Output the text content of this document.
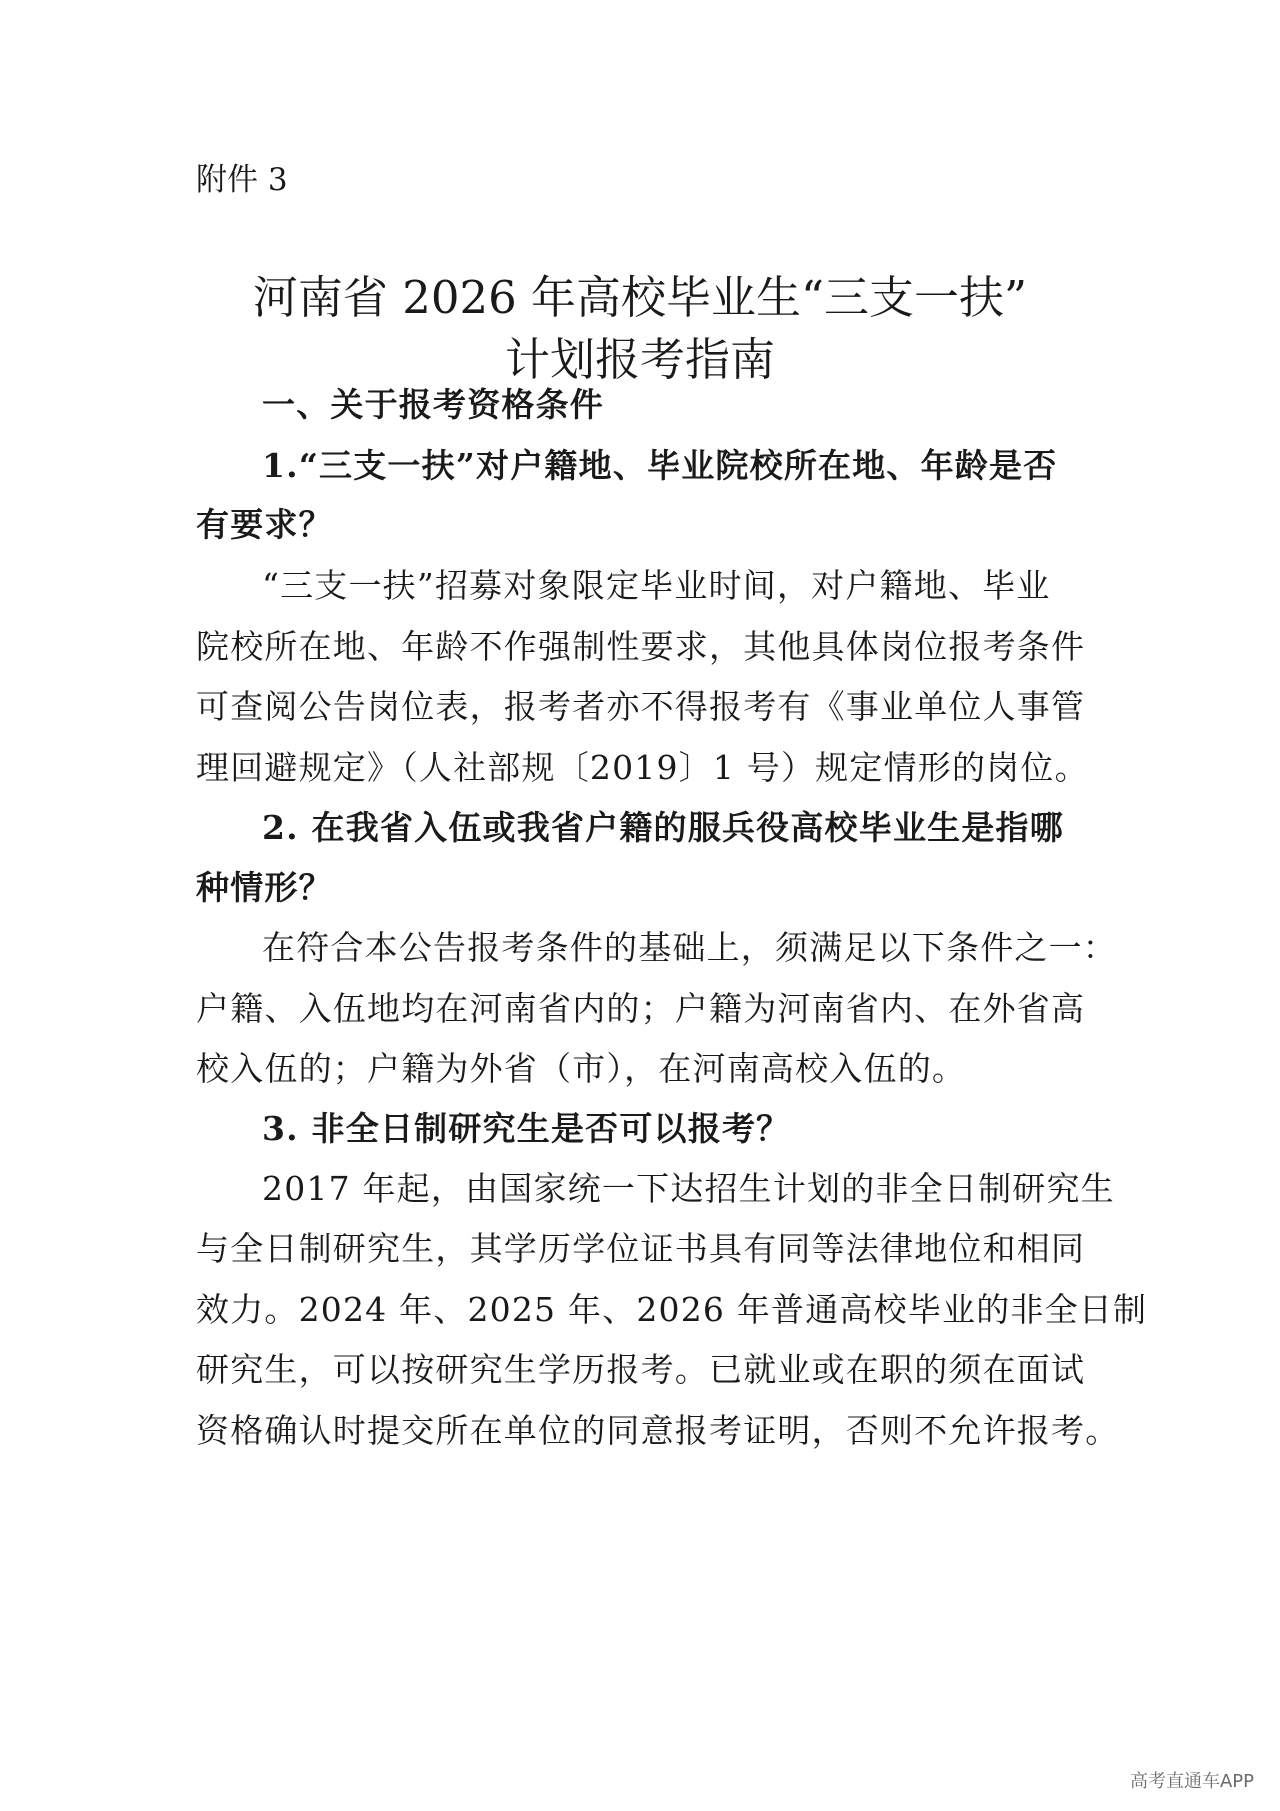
附件 3
河南省 2026 年高校毕业生“三支一扶”
计划报考指南
一、关于报考资格条件
1.“三支一扶”对户籍地、毕业院校所在地、年龄是否
有要求？
“三支一扶”招募对象限定毕业时间，对户籍地、毕业
院校所在地、年龄不作强制性要求，其他具体岗位报考条件
可查阅公告岗位表，报考者亦不得报考有《事业单位人事管
理回避规定》（人社部规〔2019〕1 号）规定情形的岗位。
2. 在我省入伍或我省户籍的服兵役高校毕业生是指哪
种情形？
在符合本公告报考条件的基础上，须满足以下条件之一：
户籍、入伍地均在河南省内的；户籍为河南省内、在外省高
校入伍的；户籍为外省（市），在河南高校入伍的。
3. 非全日制研究生是否可以报考？
2017 年起，由国家统一下达招生计划的非全日制研究生
与全日制研究生，其学历学位证书具有同等法律地位和相同
效力。2024 年、2025 年、2026 年普通高校毕业的非全日制
研究生，可以按研究生学历报考。已就业或在职的须在面试
资格确认时提交所在单位的同意报考证明，否则不允许报考。
高考直通车APP
